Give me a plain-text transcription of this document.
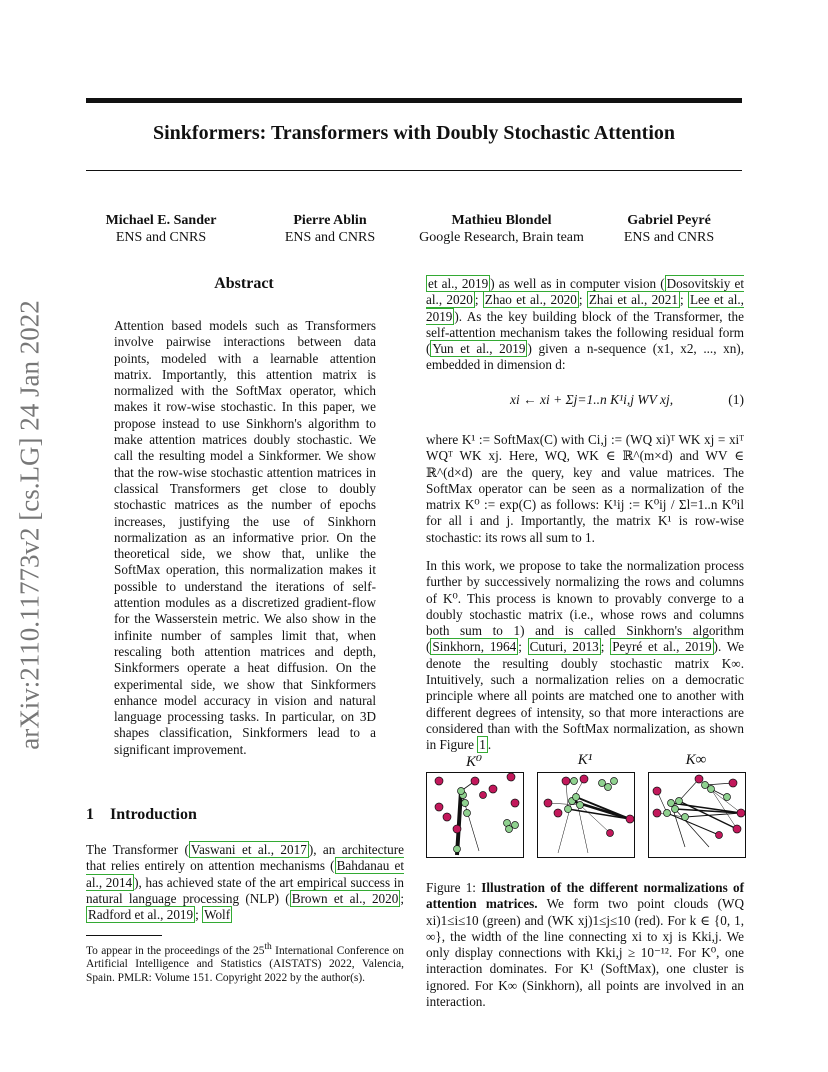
Sinkformers: Transformers with Doubly Stochastic Attention
Michael E. Sander
ENS and CNRS
Pierre Ablin
ENS and CNRS
Mathieu Blondel
Google Research, Brain team
Gabriel Peyré
ENS and CNRS
arXiv:2110.11773v2 [cs.LG] 24 Jan 2022
Abstract
Attention based models such as Transformers involve pairwise interactions between data points, modeled with a learnable attention matrix. Importantly, this attention matrix is normalized with the SoftMax operator, which makes it row-wise stochastic. In this paper, we propose instead to use Sinkhorn's algorithm to make attention matrices doubly stochastic. We call the resulting model a Sinkformer. We show that the row-wise stochastic attention matrices in classical Transformers get close to doubly stochastic matrices as the number of epochs increases, justifying the use of Sinkhorn normalization as an informative prior. On the theoretical side, we show that, unlike the SoftMax operation, this normalization makes it possible to understand the iterations of self-attention modules as a discretized gradient-flow for the Wasserstein metric. We also show in the infinite number of samples limit that, when rescaling both attention matrices and depth, Sinkformers operate a heat diffusion. On the experimental side, we show that Sinkformers enhance model accuracy in vision and natural language processing tasks. In particular, on 3D shapes classification, Sinkformers lead to a significant improvement.
1 Introduction
The Transformer ( Vaswani et al., 2017 ), an architecture that relies entirely on attention mechanisms ( Bahdanau et al., 2014 ), has achieved state of the art empirical success in natural language processing (NLP) ( Brown et al., 2020 ; Radford et al., 2019 ; Wolf
To appear in the proceedings of the 25th International Conference on Artificial Intelligence and Statistics (AISTATS) 2022, Valencia, Spain. PMLR: Volume 151. Copyright 2022 by the author(s).
et al., 2019 ) as well as in computer vision ( Dosovitskiy et al., 2020 ; Zhao et al., 2020 ; Zhai et al., 2021 ; Lee et al., 2019 ). As the key building block of the Transformer, the self-attention mechanism takes the following residual form ( Yun et al., 2019 ) given a n-sequence (x1, x2, ..., xn), embedded in dimension d:
xi ← xi + Σj=1..n K¹i,j WV xj,	(1)
where K¹ := SoftMax(C) with Ci,j := (WQ xi)ᵀ WK xj = xiᵀ WQᵀ WK xj. Here, WQ, WK ∈ ℝ^(m×d) and WV ∈ ℝ^(d×d) are the query, key and value matrices. The SoftMax operator can be seen as a normalization of the matrix K⁰ := exp(C) as follows: K¹ij := K⁰ij / Σl=1..n K⁰il for all i and j. Importantly, the matrix K¹ is row-wise stochastic: its rows all sum to 1.
In this work, we propose to take the normalization process further by successively normalizing the rows and columns of K⁰. This process is known to provably converge to a doubly stochastic matrix (i.e., whose rows and columns both sum to 1) and is called Sinkhorn's algorithm ( Sinkhorn, 1964 ; Cuturi, 2013 ; Peyré et al., 2019 ). We denote the resulting doubly stochastic matrix K∞. Intuitively, such a normalization relies on a democratic principle where all points are matched one to another with different degrees of intensity, so that more interactions are considered than with the SoftMax normalization, as shown in Figure 1 .
K⁰	K¹	K∞
Figure 1: Illustration of the different normalizations of attention matrices. We form two point clouds (WQ xi)1≤i≤10 (green) and (WK xj)1≤j≤10 (red). For k ∈ {0, 1, ∞}, the width of the line connecting xi to xj is Kki,j. We only display connections with Kki,j ≥ 10⁻¹². For K⁰, one interaction dominates. For K¹ (SoftMax), one cluster is ignored. For K∞ (Sinkhorn), all points are involved in an interaction.
